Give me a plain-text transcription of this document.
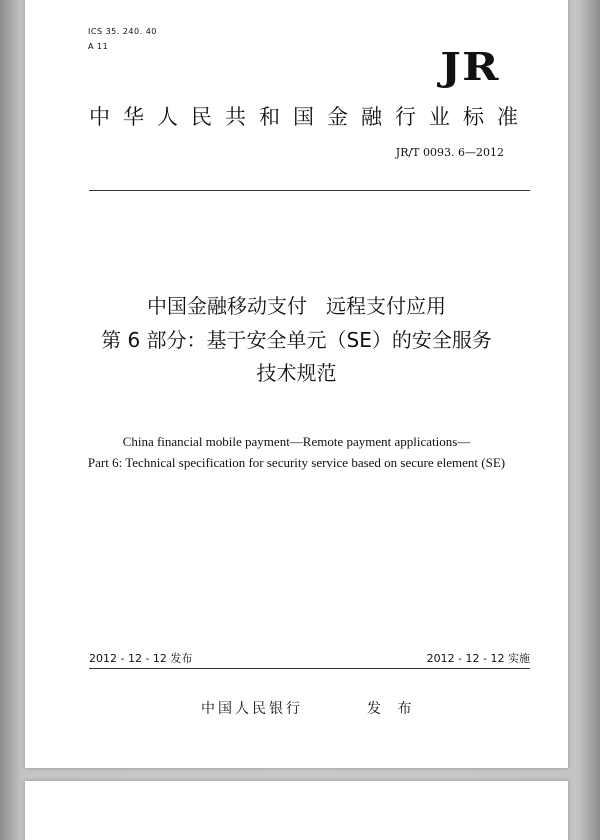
ICS 35. 240. 40
A 11	JR
中华人民共和国金融行业标准
JR/T 0093. 6—2012
中国金融移动支付   远程支付应用
第 6 部分：基于安全单元（SE）的安全服务
技术规范
China financial mobile payment—Remote payment applications—
Part 6: Technical specification for security service based on secure element (SE)
2012 - 12 - 12 发布	2012 - 12 - 12 实施
中国人民银行	发 布
